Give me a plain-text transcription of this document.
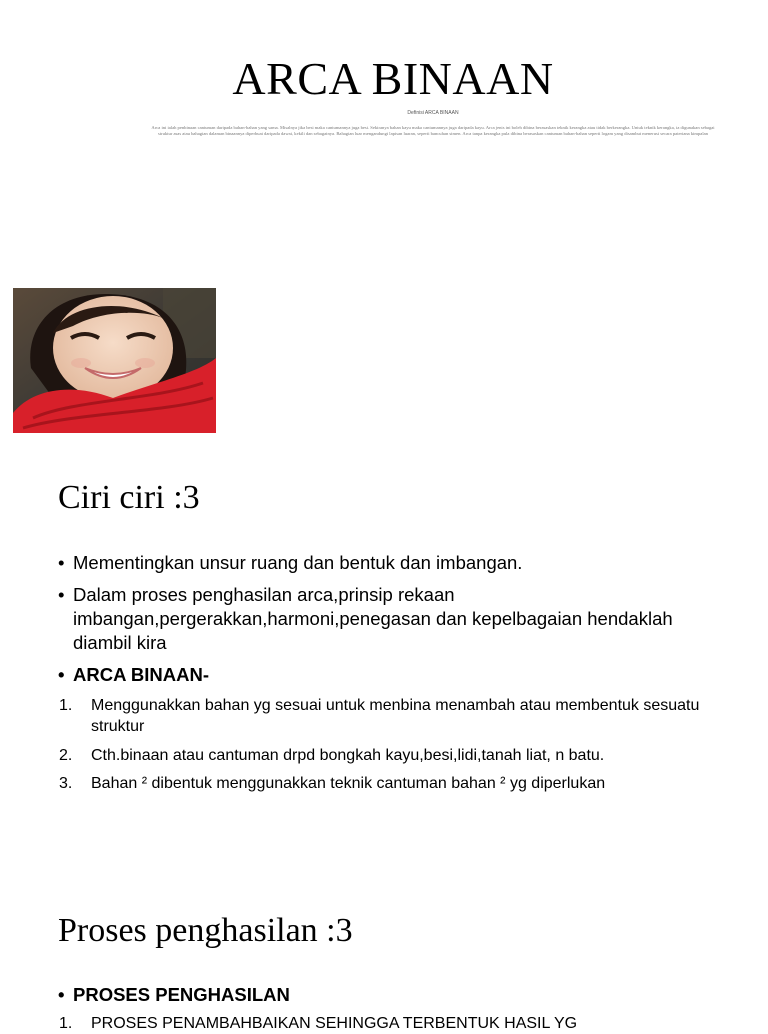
ARCA BINAAN
Definisi ARCA BINAAN
Arca ini ialah penbinaan cantuman daripada bahan-bahan yang sama. Misalnya jika besi maka cantumannya juga besi. Sekiranya bahan kayu maka cantumannya juga daripada kayu. Arca jenis ini boleh dibina berasaskan teknik kerangka atau tidak berkerangka. Untuk teknik kerangka, ia digunakan sebagai struktur asas atau bahagian dalaman binaannya diperbuat daripada dawai, kekili dan sebagainya. Bahagian luar mengandungi lapisan luaran, seperti bancuhan simen. Arca tanpa kerangka pula dibina berasaskan cantuman bahan-bahan seperti logam yang disambut menerusi secara pateriana kimpalan
Ciri ciri :3
• Mementingkan unsur ruang dan bentuk dan imbangan.
• Dalam proses penghasilan arca,prinsip rekaan imbangan,pergerakkan,harmoni,penegasan dan kepelbagaian hendaklah diambil kira
• ARCA BINAAN-
1. Menggunakkan bahan yg sesuai untuk menbina menambah atau membentuk sesuatu struktur
2. Cth.binaan atau cantuman drpd bongkah kayu,besi,lidi,tanah liat, n batu.
3. Bahan ² dibentuk menggunakkan teknik cantuman bahan ² yg diperlukan
Proses penghasilan :3
• PROSES PENGHASILAN
1. PROSES PENAMBAHBAIKAN SEHINGGA TERBENTUK HASIL YG
